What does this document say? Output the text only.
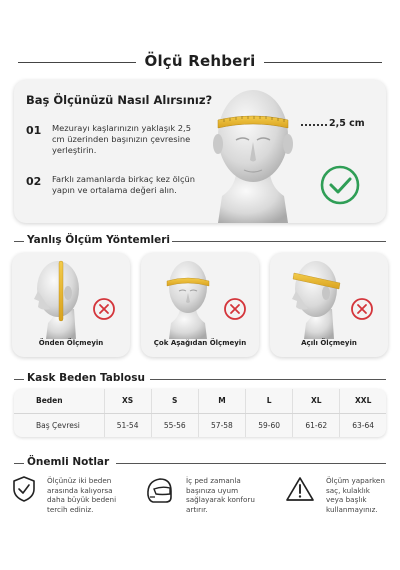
Ölçü Rehberi
Baş Ölçünüzü Nasıl Alırsınız?
01 Mezurayı kaşlarınızın yaklaşık 2,5 cm üzerinden başınızın çevresine yerleştirin.
02 Farklı zamanlarda birkaç kez ölçün yapın ve ortalama değeri alın.
2,5 cm
Yanlış Ölçüm Yöntemleri
Önden Ölçmeyin	Çok Aşağıdan Ölçmeyin	Açılı Ölçmeyin
Kask Beden Tablosu
Beden	XS	S	M	L	XL	XXL
Baş Çevresi	51-54	55-56	57-58	59-60	61-62	63-64
Önemli Notlar
Ölçünüz iki beden arasında kalıyorsa daha büyük bedeni tercih ediniz.
İç ped zamanla başınıza uyum sağlayarak konforu artırır.
Ölçüm yaparken saç, kulaklık veya başlık kullanmayınız.
